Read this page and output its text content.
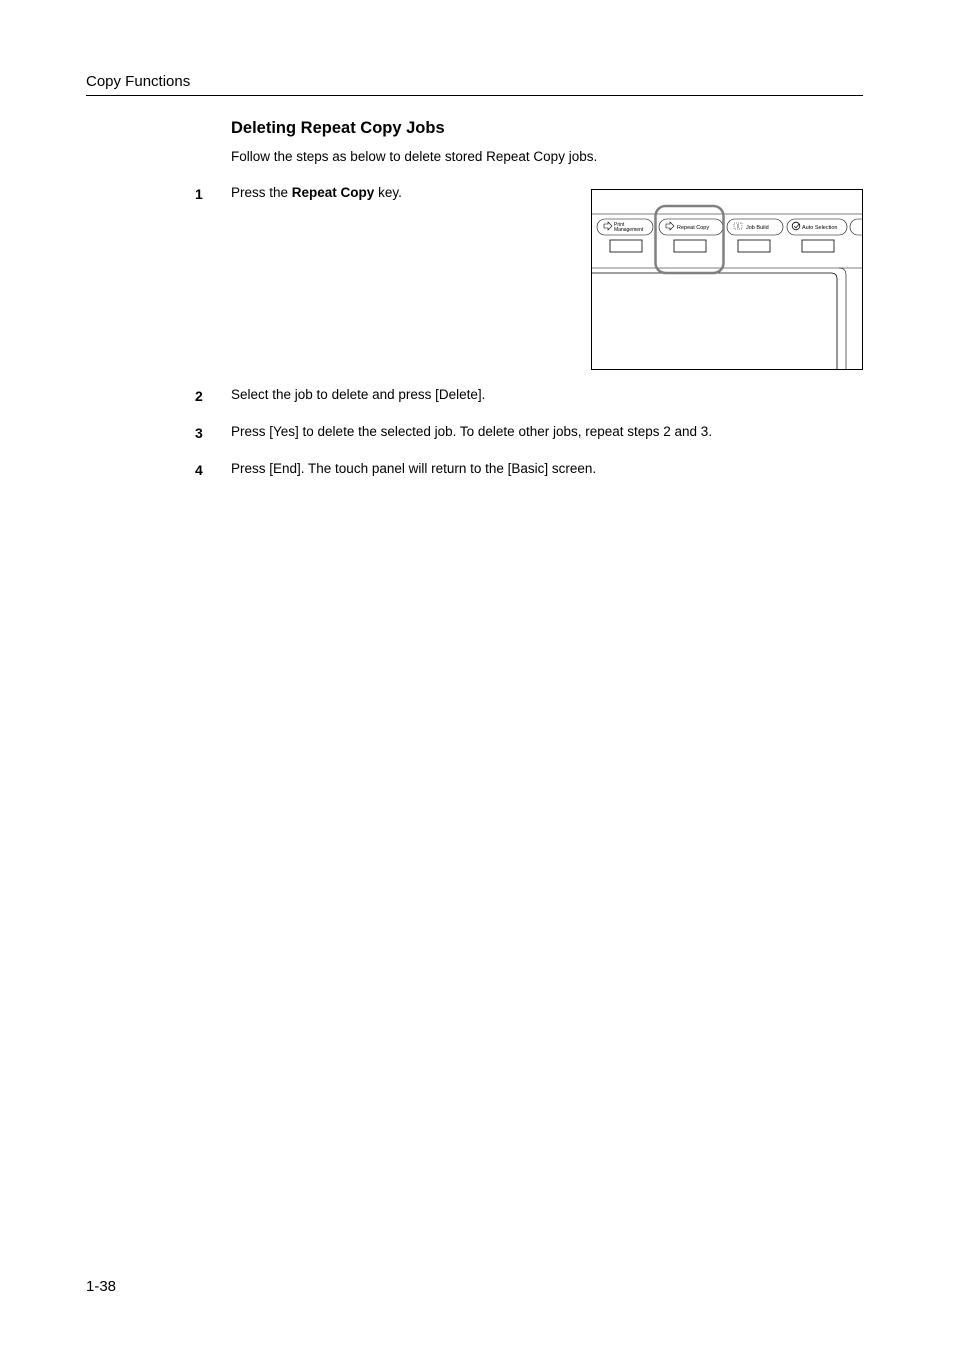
Copy Functions
Deleting Repeat Copy Jobs
Follow the steps as below to delete stored Repeat Copy jobs.
1 Press the Repeat Copy key.
Print
Management	Repeat Copy	Job Build	Auto Selection
2 Select the job to delete and press [Delete].
3 Press [Yes] to delete the selected job. To delete other jobs, repeat steps 2 and 3.
4 Press [End]. The touch panel will return to the [Basic] screen.
1-38
